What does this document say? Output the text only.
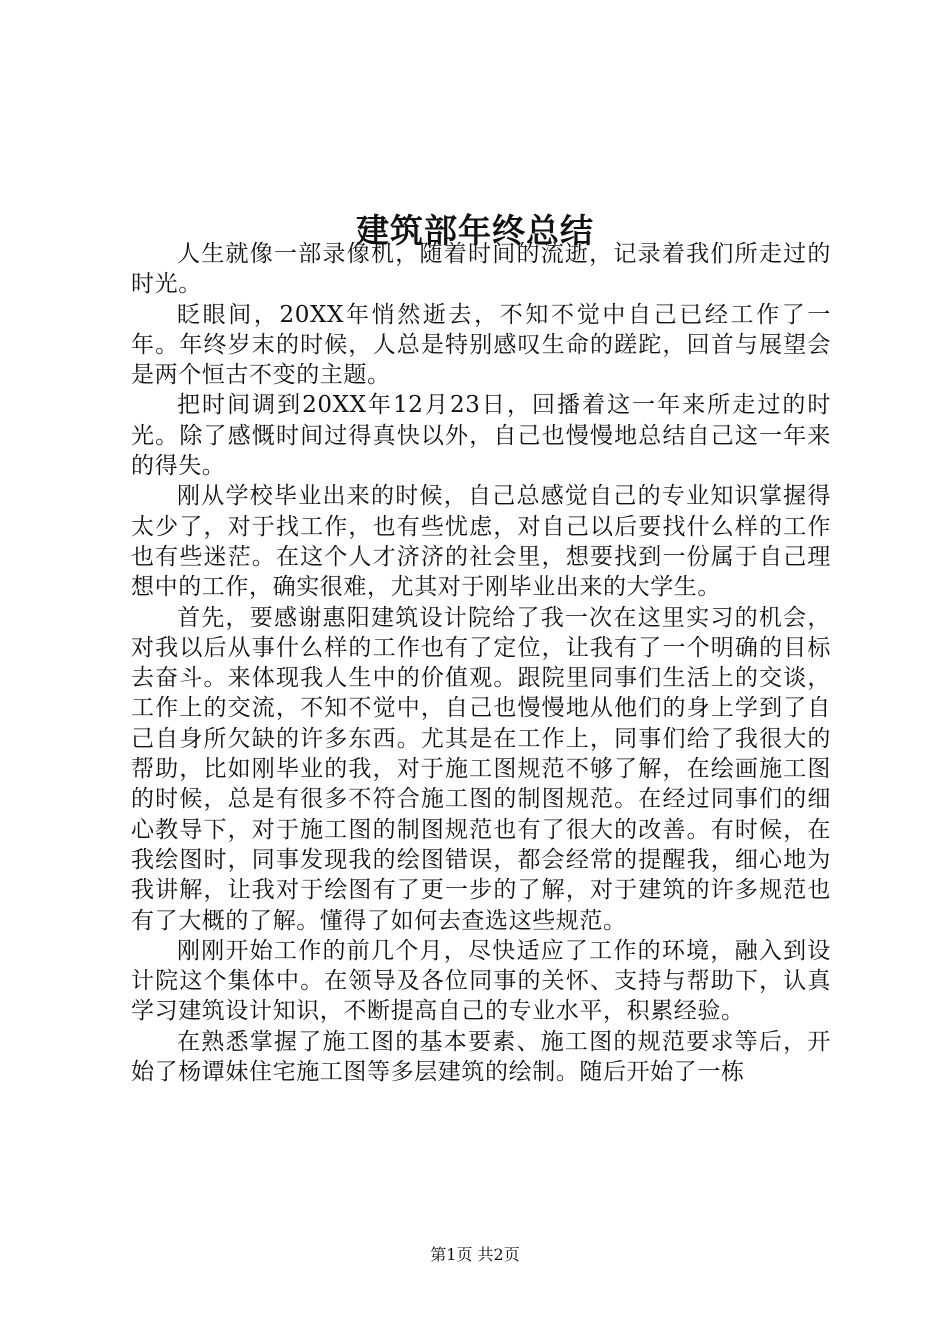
建筑部年终总结

人生就像一部录像机，随着时间的流逝，记录着我们所走过的时光。

眨眼间，20XX年悄然逝去，不知不觉中自己已经工作了一年。年终岁末的时候，人总是特别感叹生命的蹉跎，回首与展望会是两个恒古不变的主题。

把时间调到20XX年12月23日，回播着这一年来所走过的时光。除了感慨时间过得真快以外，自己也慢慢地总结自己这一年来的得失。

刚从学校毕业出来的时候，自己总感觉自己的专业知识掌握得太少了，对于找工作，也有些忧虑，对自己以后要找什么样的工作也有些迷茫。在这个人才济济的社会里，想要找到一份属于自己理想中的工作，确实很难，尤其对于刚毕业出来的大学生。

首先，要感谢惠阳建筑设计院给了我一次在这里实习的机会，对我以后从事什么样的工作也有了定位，让我有了一个明确的目标去奋斗。来体现我人生中的价值观。跟院里同事们生活上的交谈，工作上的交流，不知不觉中，自己也慢慢地从他们的身上学到了自己自身所欠缺的许多东西。尤其是在工作上，同事们给了我很大的帮助，比如刚毕业的我，对于施工图规范不够了解，在绘画施工图的时候，总是有很多不符合施工图的制图规范。在经过同事们的细心教导下，对于施工图的制图规范也有了很大的改善。有时候，在我绘图时，同事发现我的绘图错误，都会经常的提醒我，细心地为我讲解，让我对于绘图有了更一步的了解，对于建筑的许多规范也有了大概的了解。懂得了如何去查选这些规范。

刚刚开始工作的前几个月，尽快适应了工作的环境，融入到设计院这个集体中。在领导及各位同事的关怀、支持与帮助下，认真学习建筑设计知识，不断提高自己的专业水平，积累经验。

在熟悉掌握了施工图的基本要素、施工图的规范要求等后，开始了杨谭妹住宅施工图等多层建筑的绘制。随后开始了一栋

第1页 共2页
